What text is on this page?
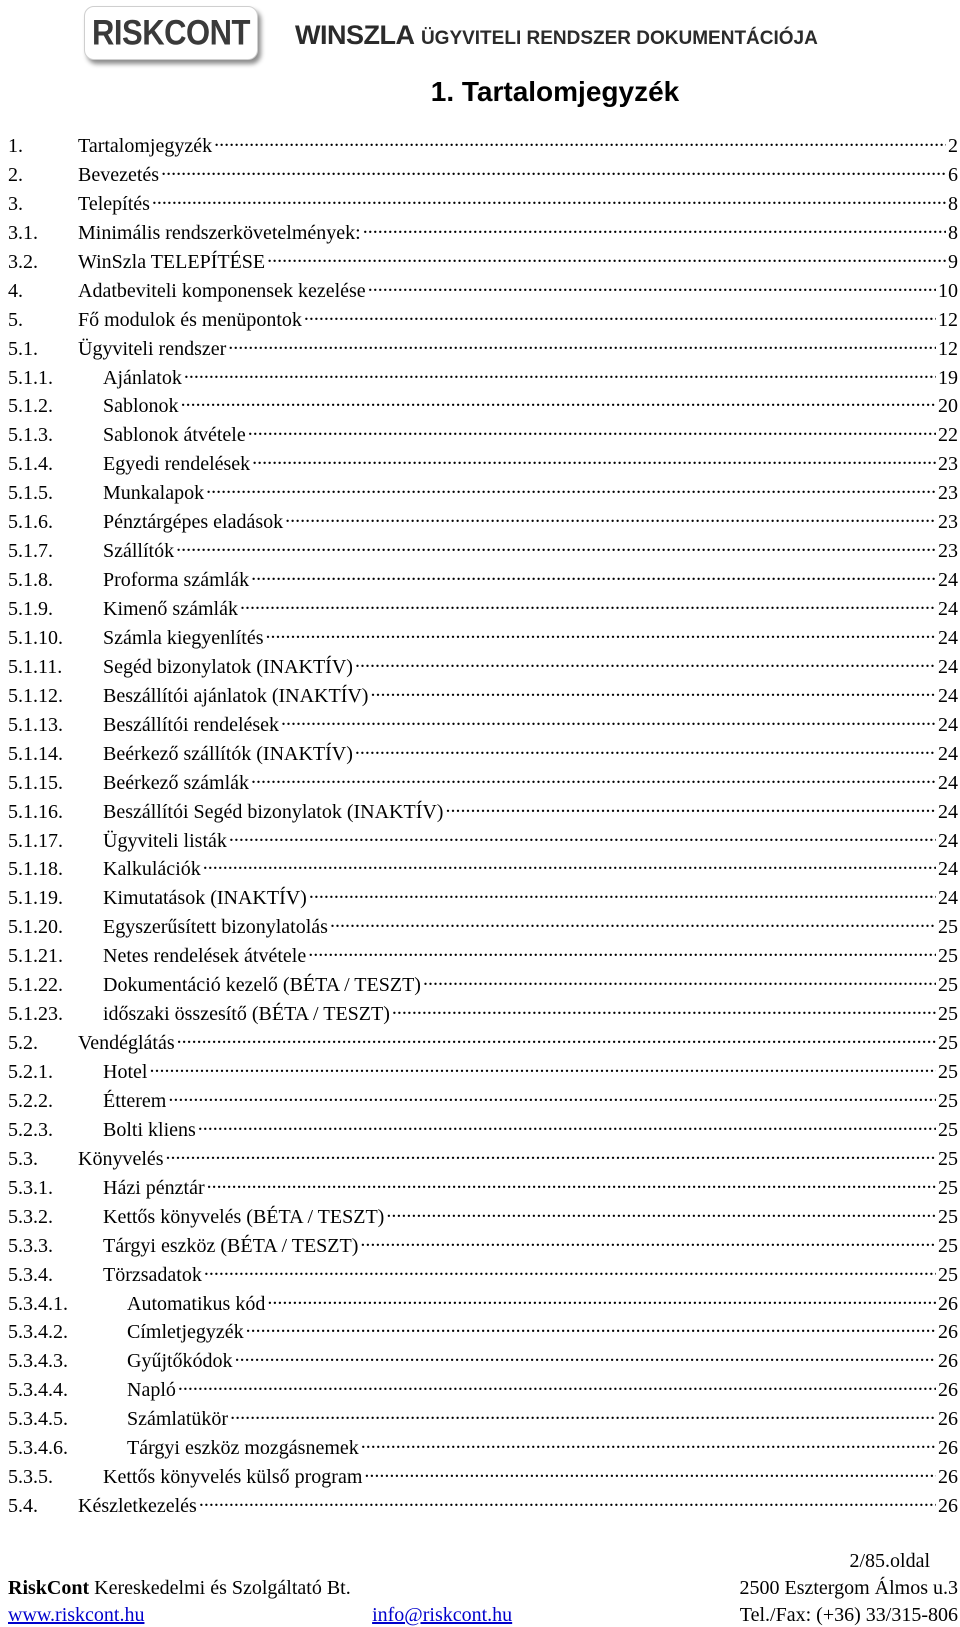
RISKCONT WINSZLA ÜGYVITELI RENDSZER DOKUMENTÁCIÓJA
1. Tartalomjegyzék
1.	Tartalomjegyzék .....	2
2.	Bevezetés .....	6
3.	Telepítés .....	8
3.1.	Minimális rendszerkövetelmények: .....	8
3.2.	WinSzla TELEPÍTÉSE .....	9
4.	Adatbeviteli komponensek kezelése .....	10
5.	Fő modulok és menüpontok .....	12
5.1.	Ügyviteli rendszer .....	12
5.1.1.	Ajánlatok .....	19
5.1.2.	Sablonok .....	20
5.1.3.	Sablonok átvétele .....	22
5.1.4.	Egyedi rendelések .....	23
5.1.5.	Munkalapok .....	23
5.1.6.	Pénztárgépes eladások .....	23
5.1.7.	Szállítók .....	23
5.1.8.	Proforma számlák .....	24
5.1.9.	Kimenő számlák .....	24
5.1.10.	Számla kiegyenlítés .....	24
5.1.11.	Segéd bizonylatok (INAKTÍV) .....	24
5.1.12.	Beszállítói ajánlatok (INAKTÍV) .....	24
5.1.13.	Beszállítói rendelések .....	24
5.1.14.	Beérkező szállítók (INAKTÍV) .....	24
5.1.15.	Beérkező számlák .....	24
5.1.16.	Beszállítói Segéd bizonylatok (INAKTÍV) .....	24
5.1.17.	Ügyviteli listák .....	24
5.1.18.	Kalkulációk .....	24
5.1.19.	Kimutatások (INAKTÍV) .....	24
5.1.20.	Egyszerűsített bizonylatolás .....	25
5.1.21.	Netes rendelések átvétele .....	25
5.1.22.	Dokumentáció kezelő (BÉTA / TESZT) .....	25
5.1.23.	időszaki összesítő (BÉTA / TESZT) .....	25
5.2.	Vendéglátás .....	25
5.2.1.	Hotel .....	25
5.2.2.	Étterem .....	25
5.2.3.	Bolti kliens .....	25
5.3.	Könyvelés .....	25
5.3.1.	Házi pénztár .....	25
5.3.2.	Kettős könyvelés (BÉTA / TESZT) .....	25
5.3.3.	Tárgyi eszköz (BÉTA / TESZT) .....	25
5.3.4.	Törzsadatok .....	25
5.3.4.1.	Automatikus kód .....	26
5.3.4.2.	Címletjegyzék .....	26
5.3.4.3.	Gyűjtőkódok .....	26
5.3.4.4.	Napló .....	26
5.3.4.5.	Számlatükör .....	26
5.3.4.6.	Tárgyi eszköz mozgásnemek .....	26
5.3.5.	Kettős könyvelés külső program .....	26
5.4.	Készletkezelés .....	26
2/85.oldal
RiskCont Kereskedelmi és Szolgáltató Bt.	2500 Esztergom Álmos u.3
www.riskcont.hu	info@riskcont.hu	Tel./Fax: (+36) 33/315-806
